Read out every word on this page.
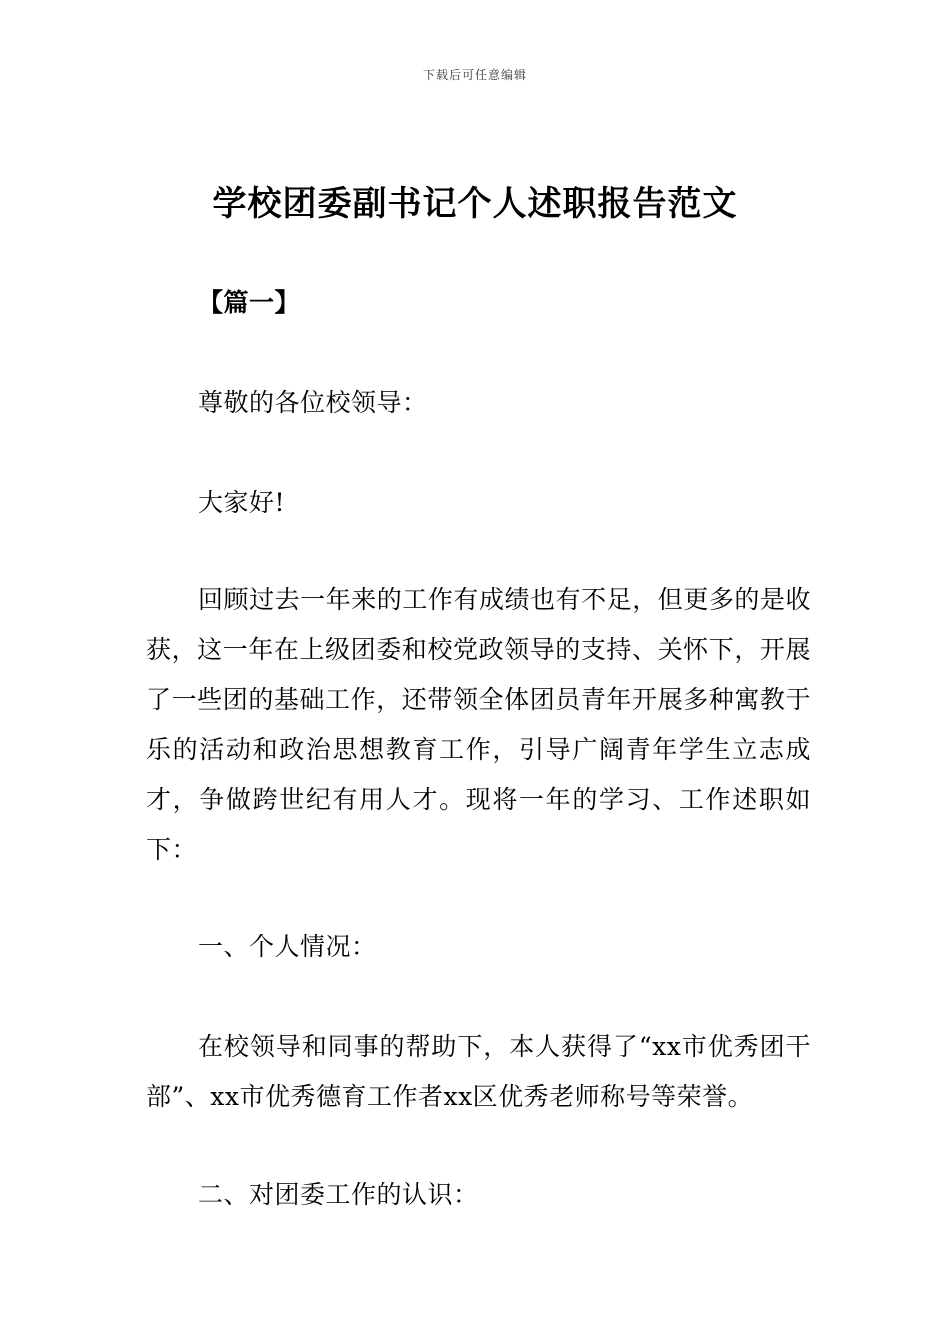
下载后可任意编辑
学校团委副书记个人述职报告范文

【篇一】

尊敬的各位校领导：

大家好!

回顾过去一年来的工作有成绩也有不足，但更多的是收获，这一年在上级团委和校党政领导的支持、关怀下，开展了一些团的基础工作，还带领全体团员青年开展多种寓教于乐的活动和政治思想教育工作，引导广阔青年学生立志成才，争做跨世纪有用人才。现将一年的学习、工作述职如下：

一、个人情况：

在校领导和同事的帮助下，本人获得了“xx市优秀团干部”、xx市优秀德育工作者xx区优秀老师称号等荣誉。

二、对团委工作的认识：
